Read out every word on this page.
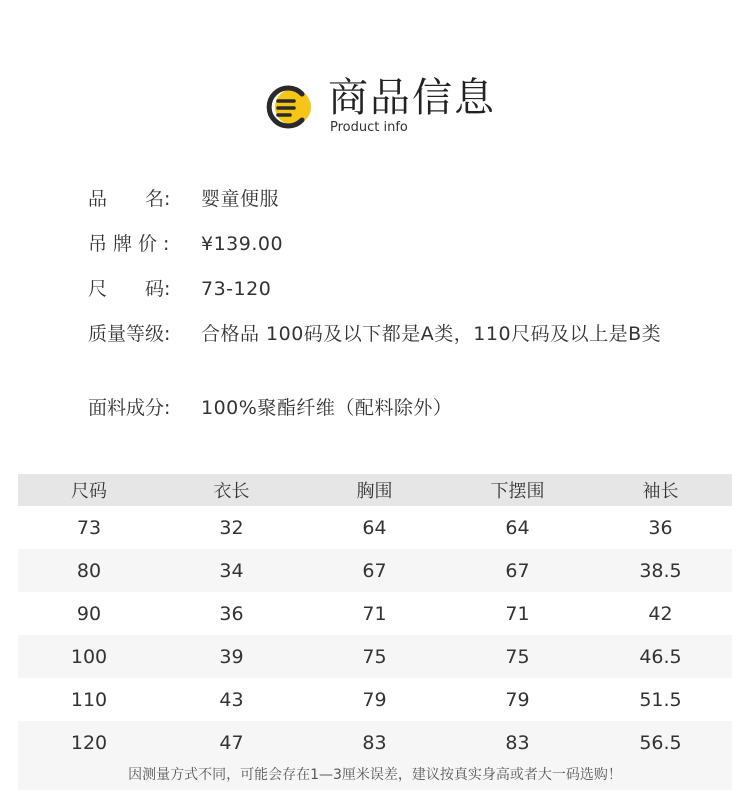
商品信息
Product info
品　　名:	婴童便服
吊牌价: ¥139.00
尺　　码:	73-120
质量等级:	合格品 100码及以下都是A类，110尺码及以上是B类
面料成分:	100%聚酯纤维（配料除外）
尺码	衣长	胸围	下摆围	袖长
73	32	64	64	36
80	34	67	67	38.5
90	36	71	71	42
100	39	75	75	46.5
110	43	79	79	51.5
120	47	83	83	56.5
因测量方式不同，可能会存在1—3厘米误差，建议按真实身高或者大一码选购！
